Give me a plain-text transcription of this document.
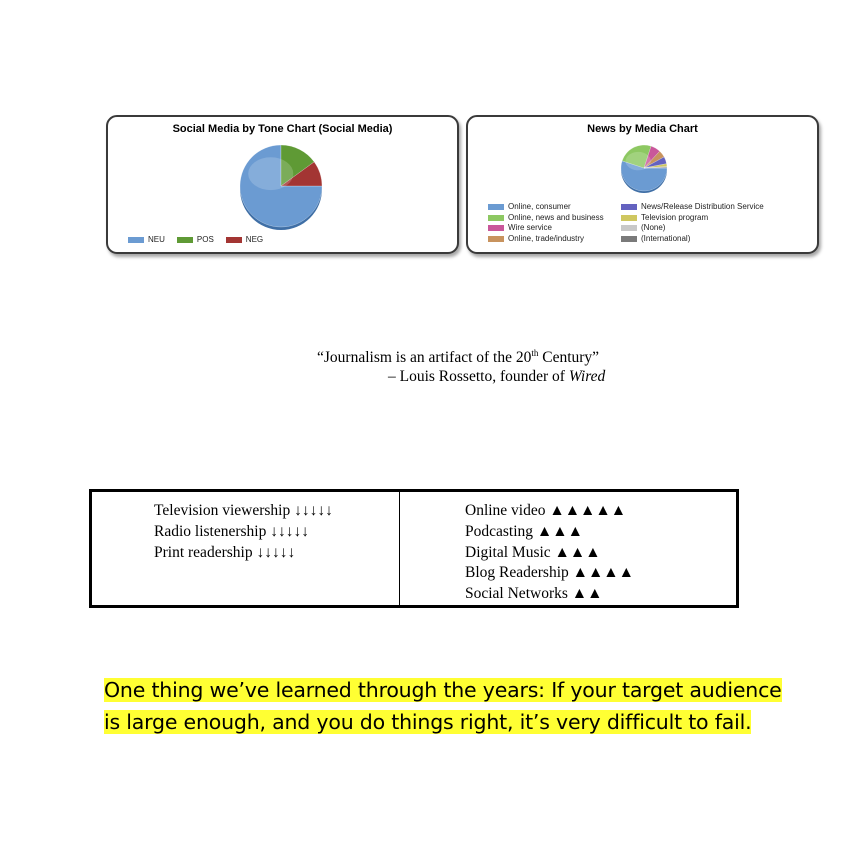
Social Media by Tone Chart (Social Media)
NEU	POS	NEG
News by Media Chart
Online, consumer	News/Release Distribution Service
Online, news and business	Television program
Wire service	(None)
Online, trade/industry	(International)
“Journalism is an artifact of the 20th Century”
– Louis Rossetto, founder of Wired
Television viewership ↓↓↓↓↓
Radio listenership ↓↓↓↓↓
Print readership ↓↓↓↓↓
Online video ▲▲▲▲▲
Podcasting ▲▲▲
Digital Music ▲▲▲
Blog Readership ▲▲▲▲
Social Networks ▲▲
One thing we’ve learned through the years: If your target audience
is large enough, and you do things right, it’s very difficult to fail.
